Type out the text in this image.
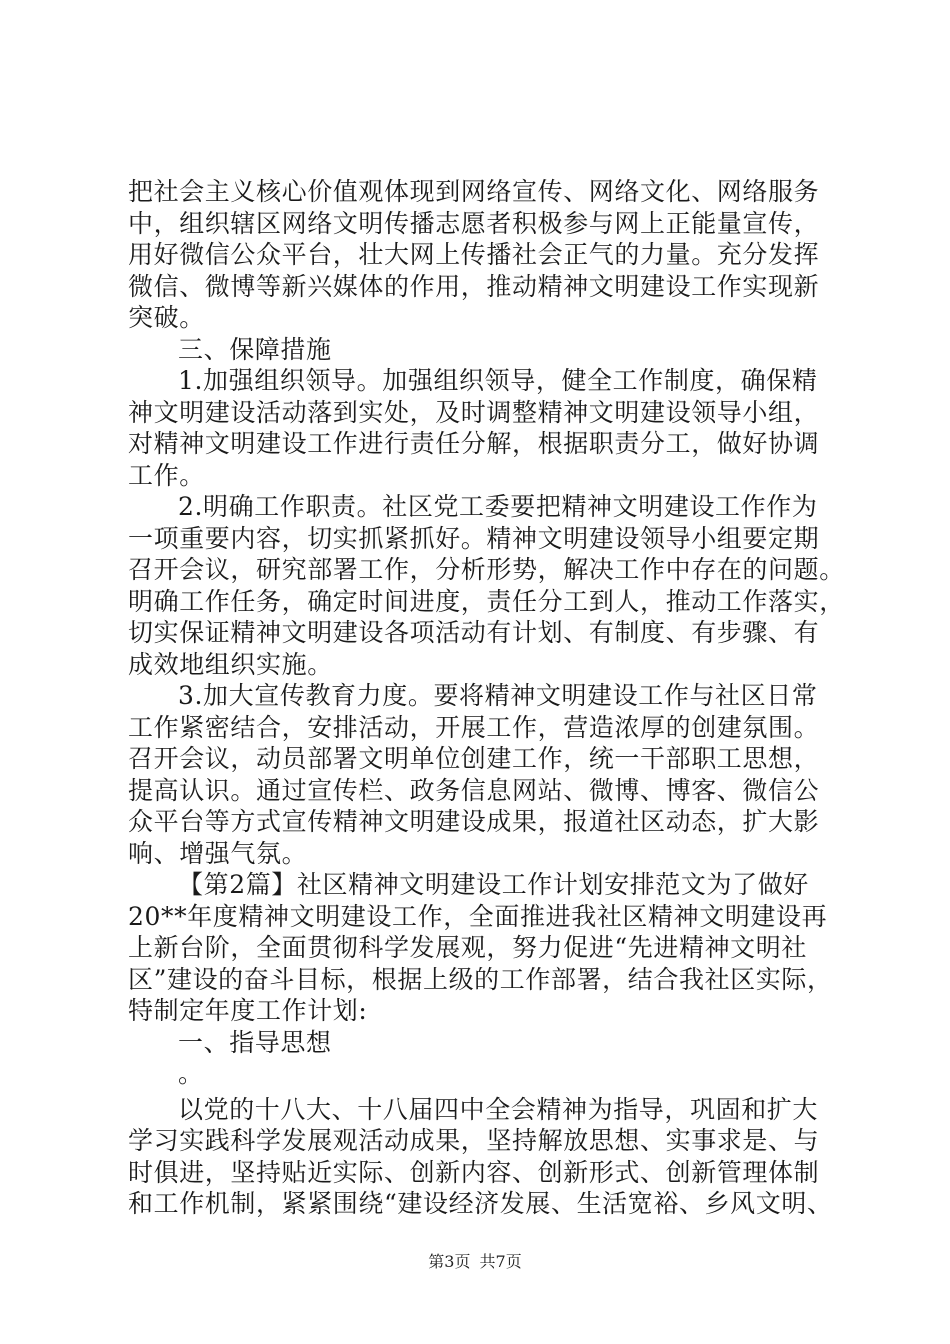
把社会主义核心价值观体现到网络宣传、网络文化、网络服务
中，组织辖区网络文明传播志愿者积极参与网上正能量宣传，
用好微信公众平台，壮大网上传播社会正气的力量。充分发挥
微信、微博等新兴媒体的作用，推动精神文明建设工作实现新
突破。
三、保障措施
1.加强组织领导。加强组织领导，健全工作制度，确保精
神文明建设活动落到实处，及时调整精神文明建设领导小组，
对精神文明建设工作进行责任分解，根据职责分工，做好协调
工作。
2.明确工作职责。社区党工委要把精神文明建设工作作为
一项重要内容，切实抓紧抓好。精神文明建设领导小组要定期
召开会议，研究部署工作，分析形势，解决工作中存在的问题。
明确工作任务，确定时间进度，责任分工到人，推动工作落实，
切实保证精神文明建设各项活动有计划、有制度、有步骤、有
成效地组织实施。
3.加大宣传教育力度。要将精神文明建设工作与社区日常
工作紧密结合，安排活动，开展工作，营造浓厚的创建氛围。
召开会议，动员部署文明单位创建工作，统一干部职工思想，
提高认识。通过宣传栏、政务信息网站、微博、博客、微信公
众平台等方式宣传精神文明建设成果，报道社区动态，扩大影
响、增强气氛。
【第2篇】社区精神文明建设工作计划安排范文为了做好
20**年度精神文明建设工作，全面推进我社区精神文明建设再
上新台阶，全面贯彻科学发展观，努力促进“先进精神文明社
区”建设的奋斗目标，根据上级的工作部署，结合我社区实际，
特制定年度工作计划:
一、指导思想
。
以党的十八大、十八届四中全会精神为指导，巩固和扩大
学习实践科学发展观活动成果，坚持解放思想、实事求是、与
时俱进，坚持贴近实际、创新内容、创新形式、创新管理体制
和工作机制，紧紧围绕“建设经济发展、生活宽裕、乡风文明、
第3页 共7页
